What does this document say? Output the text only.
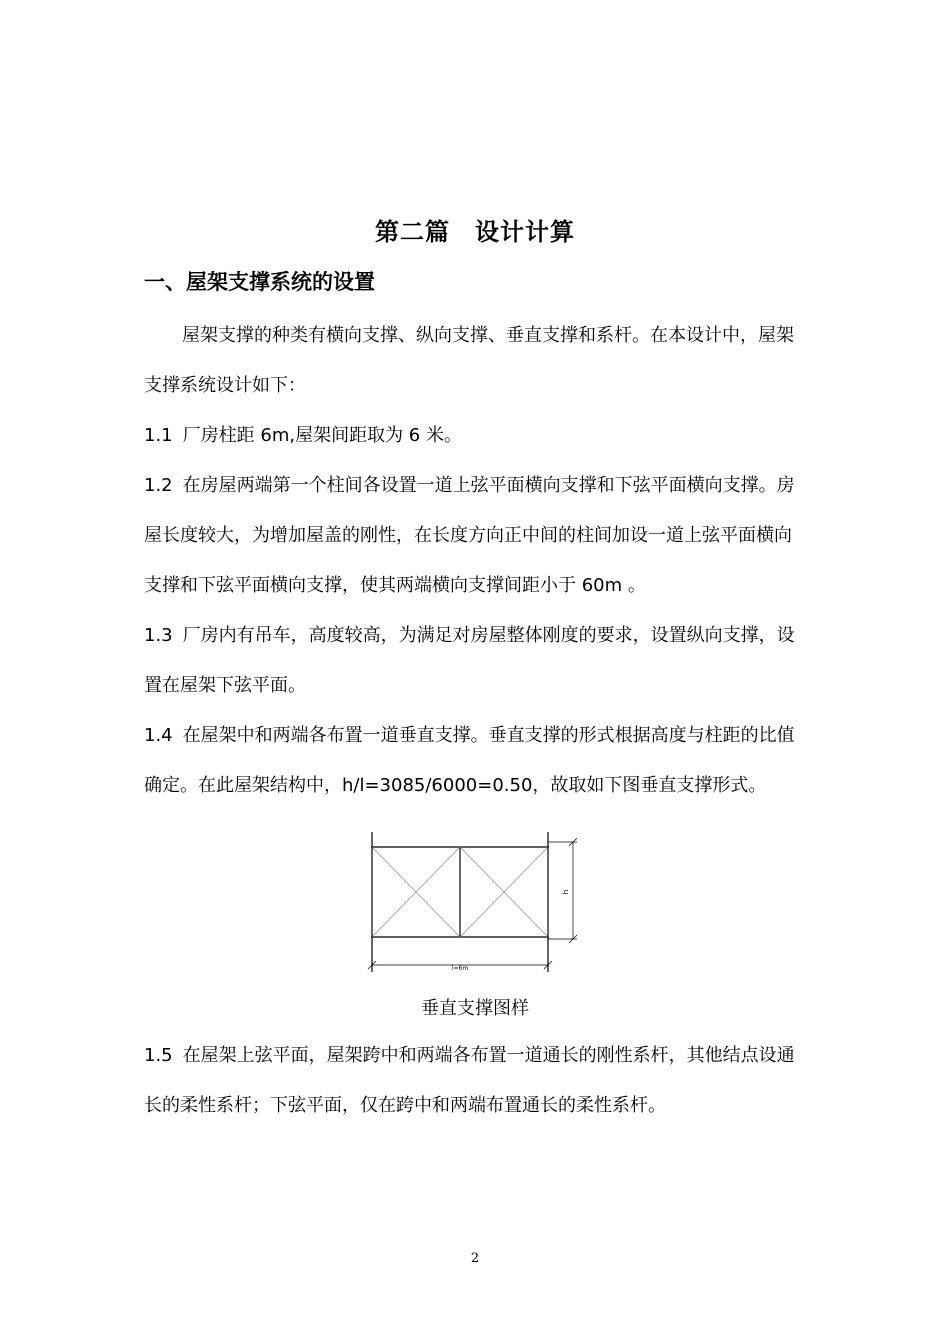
第二篇　设计计算
一、屋架支撑系统的设置

屋架支撑的种类有横向支撑、纵向支撑、垂直支撑和系杆。在本设计中，屋架支撑系统设计如下：

1.1 厂房柱距 6m,屋架间距取为 6 米。

1.2 在房屋两端第一个柱间各设置一道上弦平面横向支撑和下弦平面横向支撑。房屋长度较大，为增加屋盖的刚性，在长度方向正中间的柱间加设一道上弦平面横向支撑和下弦平面横向支撑，使其两端横向支撑间距小于 60m 。

1.3 厂房内有吊车，高度较高，为满足对房屋整体刚度的要求，设置纵向支撑，设置在屋架下弦平面。

1.4 在屋架中和两端各布置一道垂直支撑。垂直支撑的形式根据高度与柱距的比值确定。在此屋架结构中，h/l=3085/6000=0.50，故取如下图垂直支撑形式。

h
l=6m
垂直支撑图样

1.5 在屋架上弦平面，屋架跨中和两端各布置一道通长的刚性系杆，其他结点设通长的柔性系杆；下弦平面，仅在跨中和两端布置通长的柔性系杆。

2
